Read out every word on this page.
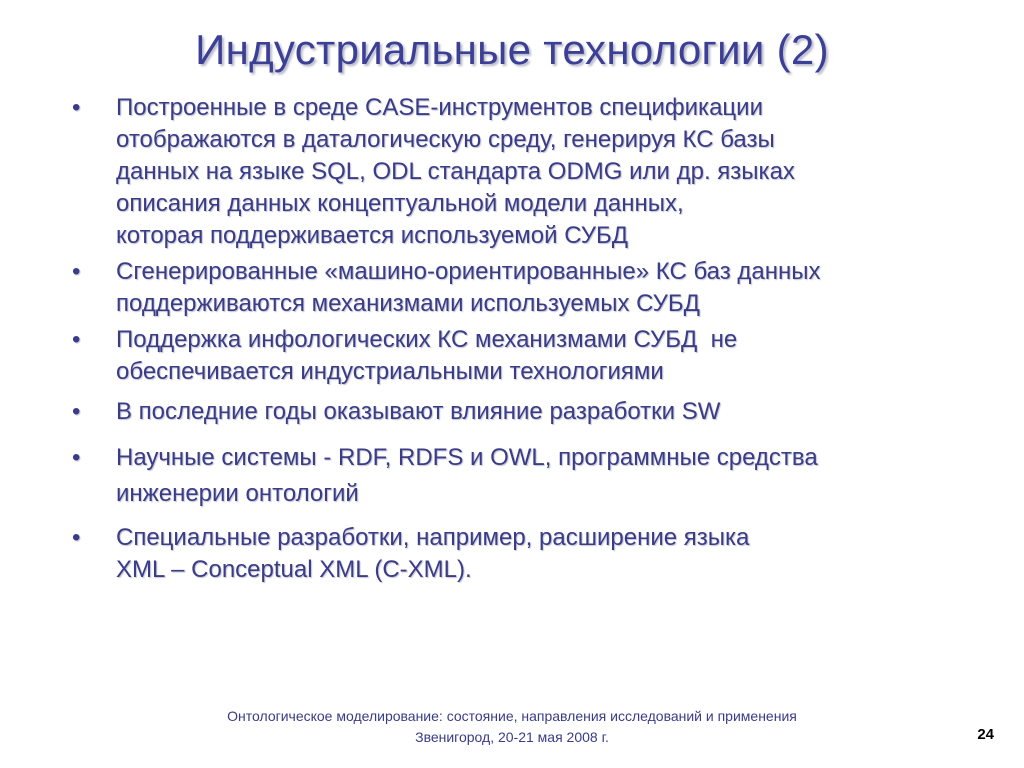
Индустриальные технологии (2)
• Построенные в среде CASE-инструментов спецификации
отображаются в даталогическую среду, генерируя КС базы
данных на языке SQL, ODL стандарта ODMG или др. языках
описания данных концептуальной модели данных,
которая поддерживается используемой СУБД
• Сгенерированные «машино-ориентированные» КС баз данных
поддерживаются механизмами используемых СУБД
• Поддержка инфологических КС механизмами СУБД  не
обеспечивается индустриальными технологиями
• В последние годы оказывают влияние разработки SW
• Научные системы - RDF, RDFS и OWL, программные средства
инженерии онтологий
• Специальные разработки, например, расширение языка
XML – Conceptual XML (C-XML).
Онтологическое моделирование: состояние, направления исследований и применения
Звенигород, 20-21 мая 2008 г.	24
